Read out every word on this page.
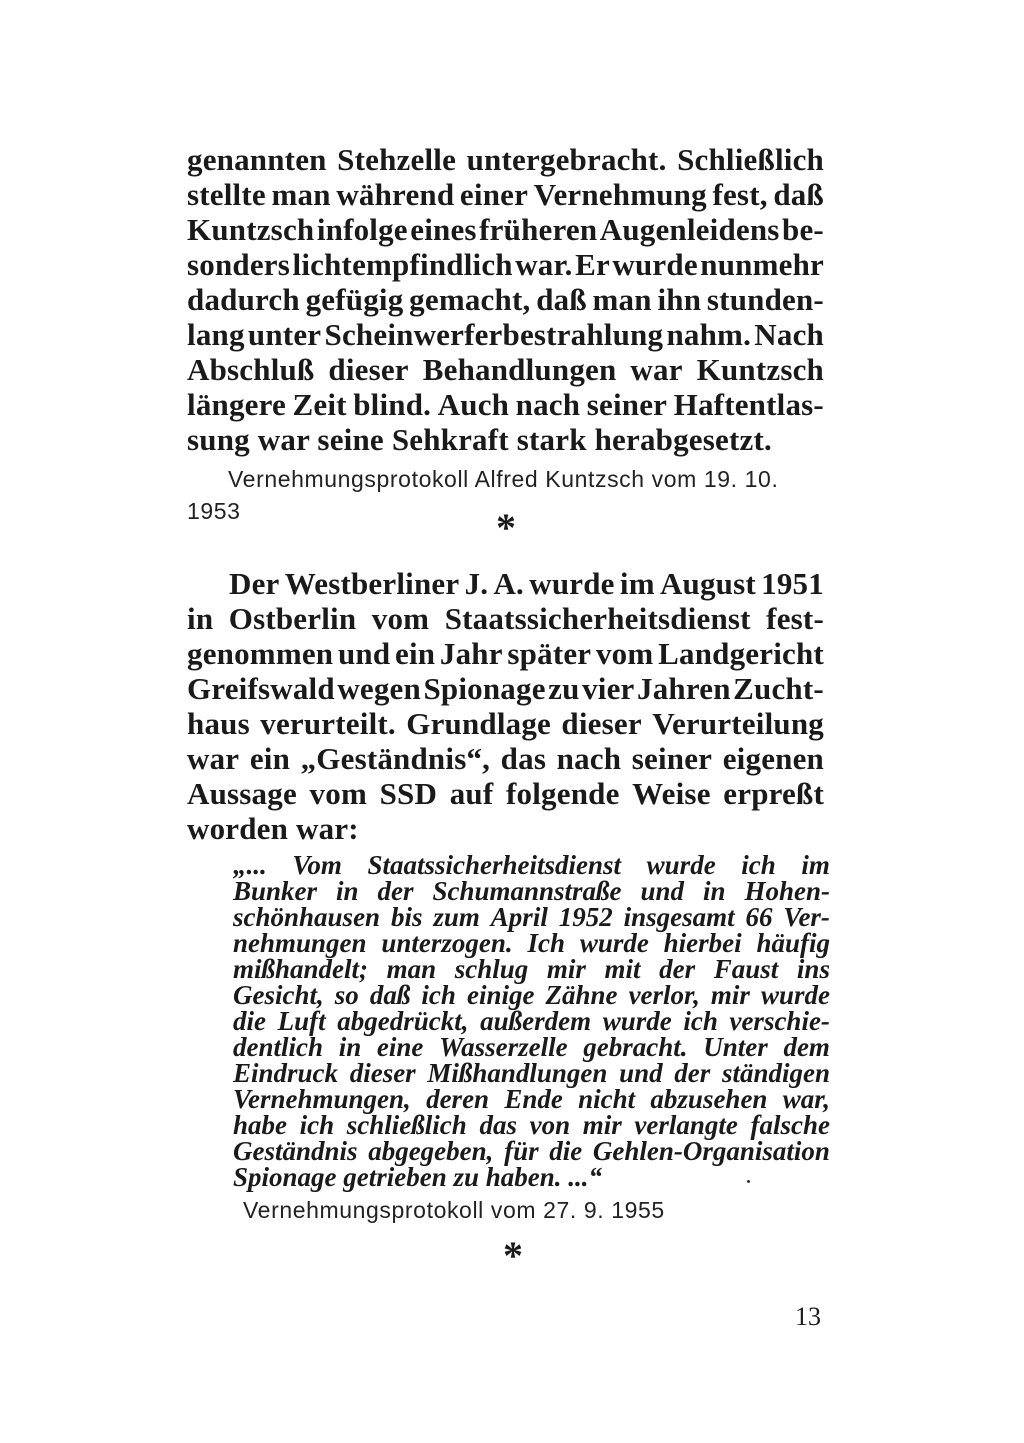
genannten Stehzelle untergebracht. Schließlich
stellte man während einer Vernehmung fest, daß
Kuntzsch infolge eines früheren Augenleidens be-
sonders lichtempfindlich war. Er wurde nunmehr
dadurch gefügig gemacht, daß man ihn stunden-
lang unter Scheinwerferbestrahlung nahm. Nach
Abschluß dieser Behandlungen war Kuntzsch
längere Zeit blind. Auch nach seiner Haftentlas-
sung war seine Sehkraft stark herabgesetzt.
Vernehmungsprotokoll Alfred Kuntzsch vom 19. 10.
1953	*
Der Westberliner J. A. wurde im August 1951
in Ostberlin vom Staatssicherheitsdienst fest-
genommen und ein Jahr später vom Landgericht
Greifswald wegen Spionage zu vier Jahren Zucht-
haus verurteilt. Grundlage dieser Verurteilung
war ein „Geständnis“, das nach seiner eigenen
Aussage vom SSD auf folgende Weise erpreßt
worden war:
„... Vom Staatssicherheitsdienst wurde ich im
Bunker in der Schumannstraße und in Hohen-
schönhausen bis zum April 1952 insgesamt 66 Ver-
nehmungen unterzogen. Ich wurde hierbei häufig
mißhandelt; man schlug mir mit der Faust ins
Gesicht, so daß ich einige Zähne verlor, mir wurde
die Luft abgedrückt, außerdem wurde ich verschie-
dentlich in eine Wasserzelle gebracht. Unter dem
Eindruck dieser Mißhandlungen und der ständigen
Vernehmungen, deren Ende nicht abzusehen war,
habe ich schließlich das von mir verlangte falsche
Geständnis abgegeben, für die Gehlen-Organisation
Spionage getrieben zu haben. ...“
Vernehmungsprotokoll vom 27. 9. 1955
*
13
